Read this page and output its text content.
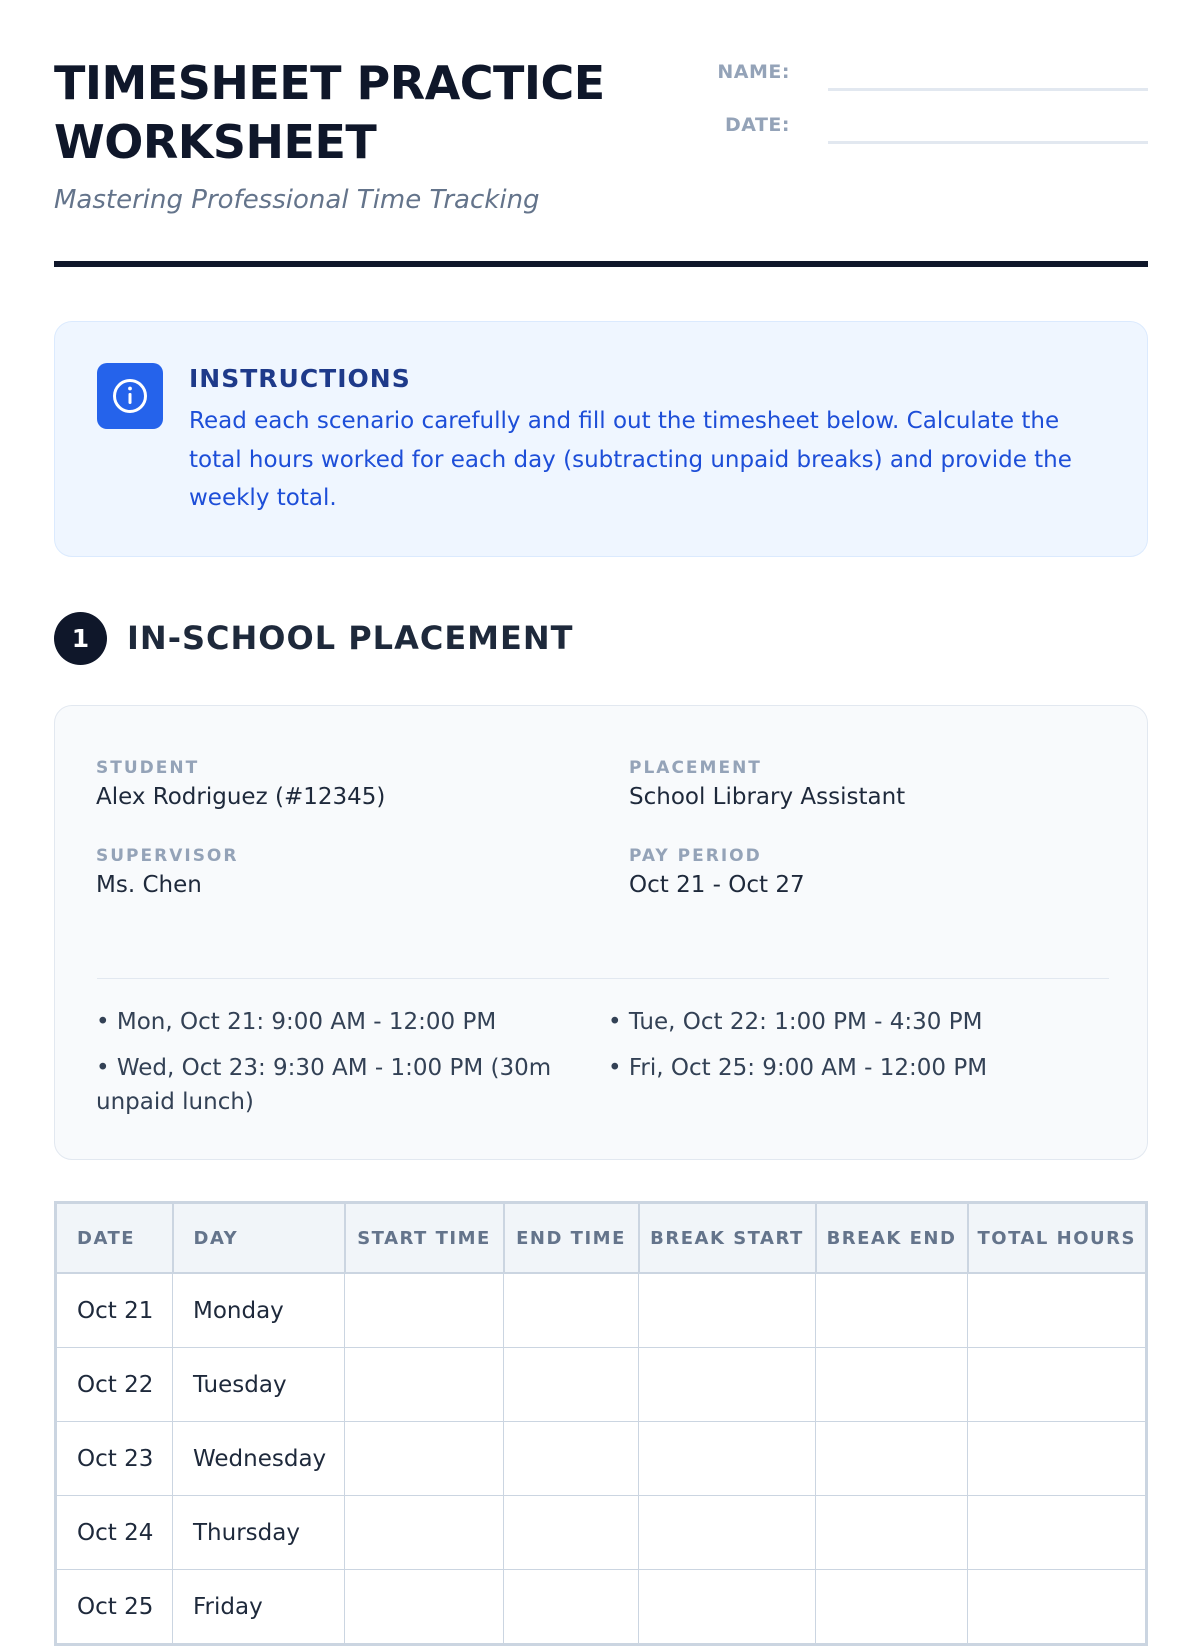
TIMESHEET PRACTICE
WORKSHEET
Mastering Professional Time Tracking
NAME:
DATE:
INSTRUCTIONS
Read each scenario carefully and fill out the timesheet below. Calculate the total hours worked for each day (subtracting unpaid breaks) and provide the weekly total.
1	IN-SCHOOL PLACEMENT
STUDENT
Alex Rodriguez (#12345)
PLACEMENT
School Library Assistant
SUPERVISOR
Ms. Chen
PAY PERIOD
Oct 21 - Oct 27
• Mon, Oct 21: 9:00 AM - 12:00 PM	• Tue, Oct 22: 1:00 PM - 4:30 PM
• Wed, Oct 23: 9:30 AM - 1:00 PM (30m unpaid lunch)
• Fri, Oct 25: 9:00 AM - 12:00 PM
DATE	DAY	START TIME	END TIME	BREAK START	BREAK END	TOTAL HOURS
Oct 21	Monday					
Oct 22	Tuesday					
Oct 23	Wednesday					
Oct 24	Thursday					
Oct 25	Friday					
